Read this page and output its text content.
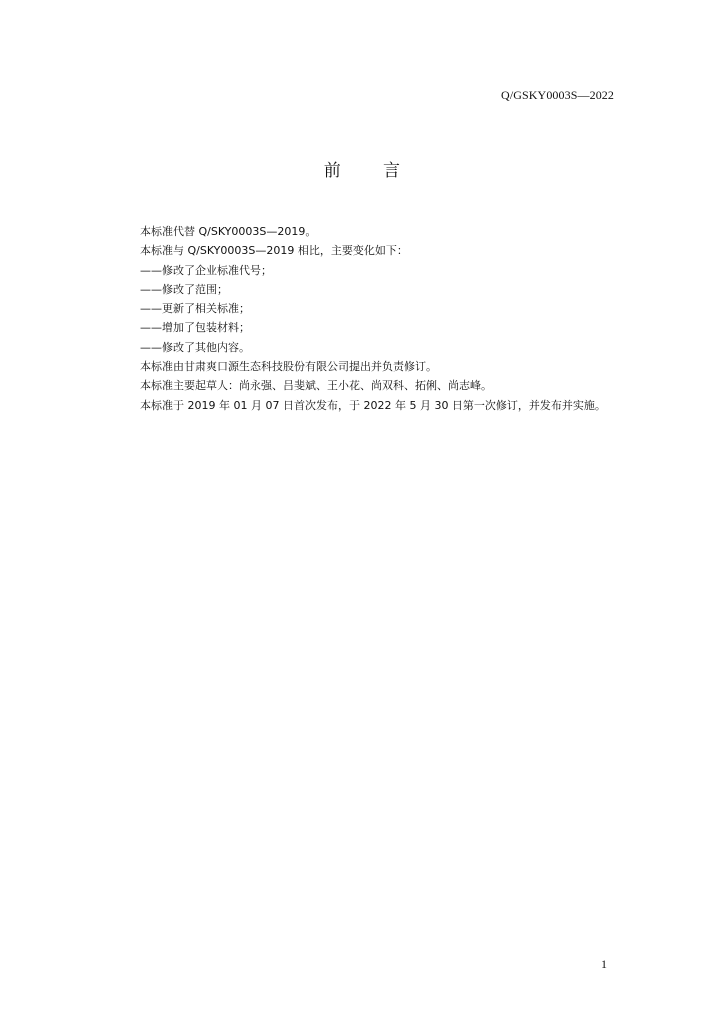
Q/GSKY0003S—2022
前 言

本标准代替 Q/SKY0003S—2019。

本标准与 Q/SKY0003S—2019 相比，主要变化如下：

——修改了企业标准代号；

——修改了范围；

——更新了相关标准；

——增加了包装材料；

——修改了其他内容。

本标准由甘肃爽口源生态科技股份有限公司提出并负责修订。

本标准主要起草人：尚永强、吕斐斌、王小花、尚双科、拓俐、尚志峰。

本标准于 2019 年 01 月 07 日首次发布，于 2022 年 5 月 30 日第一次修订，并发布并实施。

1
